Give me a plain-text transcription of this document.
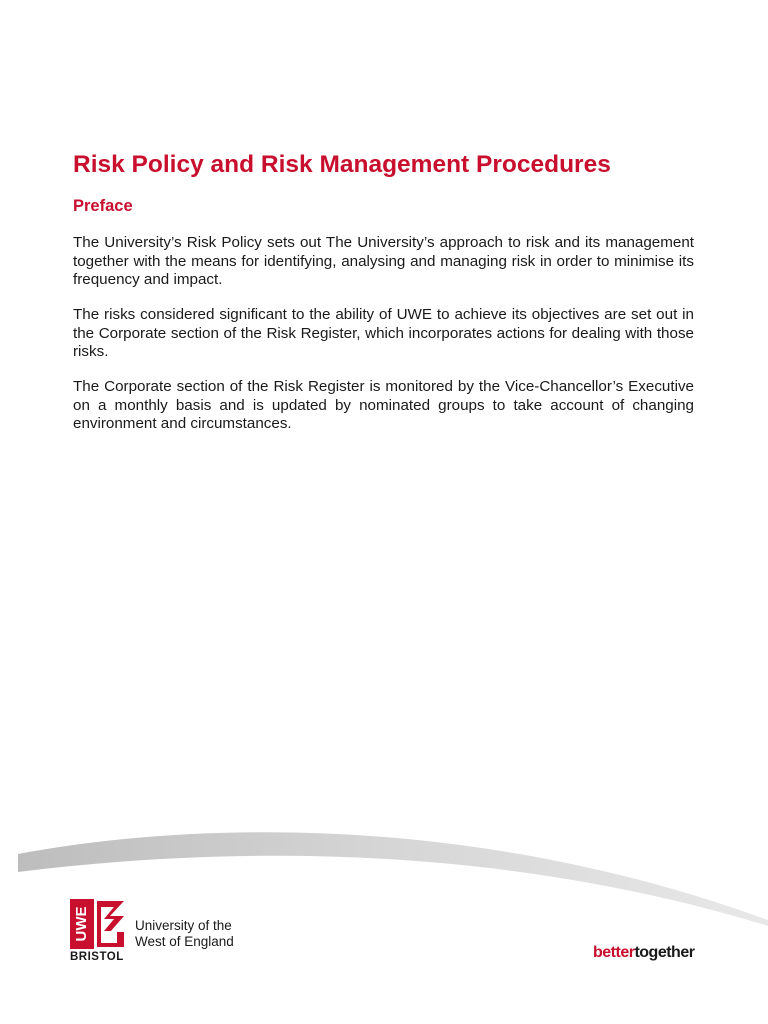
Risk Policy and Risk Management Procedures
Preface

The University’s Risk Policy sets out The University’s approach to risk and its management together with the means for identifying, analysing and managing risk in order to minimise its frequency and impact.

The risks considered significant to the ability of UWE to achieve its objectives are set out in the Corporate section of the Risk Register, which incorporates actions for dealing with those risks.

The Corporate section of the Risk Register is monitored by the Vice-Chancellor’s Executive on a monthly basis and is updated by nominated groups to take account of changing environment and circumstances.

UWE
BRISTOL
University of the
West of England
bettertogether
